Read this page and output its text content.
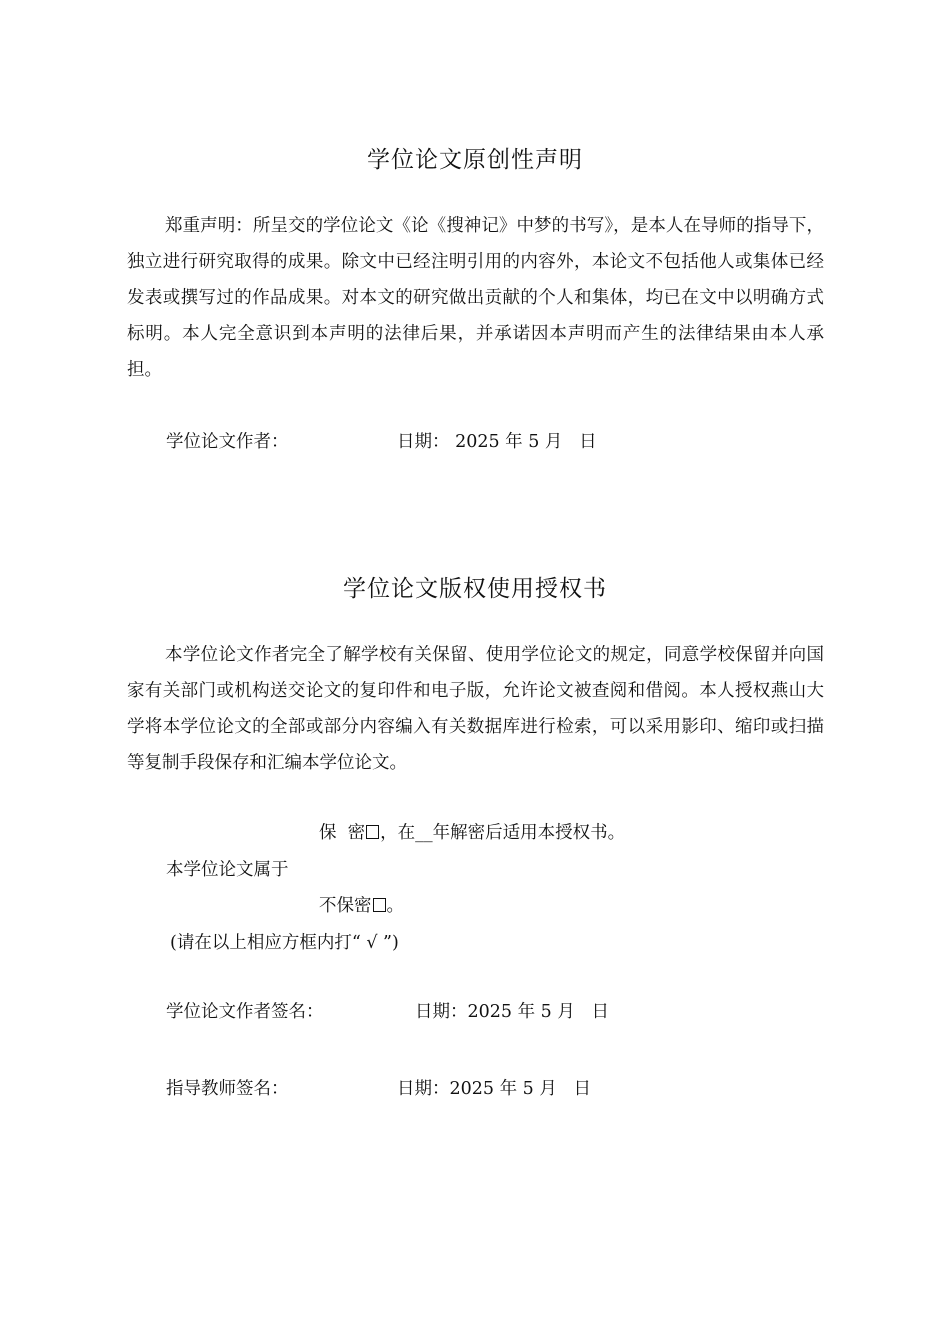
学位论文原创性声明
郑重声明：所呈交的学位论文《论《搜神记》中梦的书写》，是本人在导师的指导下，独立进行研究取得的成果。除文中已经注明引用的内容外，本论文不包括他人或集体已经发表或撰写过的作品成果。对本文的研究做出贡献的个人和集体，均已在文中以明确方式标明。本人完全意识到本声明的法律后果，并承诺因本声明而产生的法律结果由本人承担。
学位论文作者：	日期： 2025 年 5 月   日
学位论文版权使用授权书
本学位论文作者完全了解学校有关保留、使用学位论文的规定，同意学校保留并向国家有关部门或机构送交论文的复印件和电子版，允许论文被查阅和借阅。本人授权燕山大学将本学位论文的全部或部分内容编入有关数据库进行检索，可以采用影印、缩印或扫描等复制手段保存和汇编本学位论文。
保  密 ，在__年解密后适用本授权书。
本学位论文属于
不保密 。
(请在以上相应方框内打“ √ ”)
学位论文作者签名：	日期：2025 年 5 月   日
指导教师签名：	日期：2025 年 5 月   日
